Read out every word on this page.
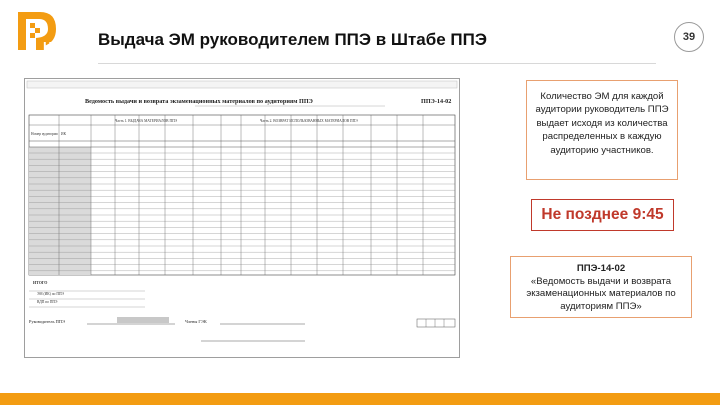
Ц	Выдача ЭМ руководителем ППЭ в Штабе ППЭ	39
Ведомость выдачи и возврата экзаменационных материалов по аудиториям ППЭ	ППЭ-14-02
Часть 1. ВЫДАЧА МАТЕРИАЛОВ ППЭ	Часть 2. ВОЗВРАТ ИСПОЛЬЗОВАННЫХ МАТЕРИАЛОВ ППЭ
Номер аудитории ИК
ИТОГО
ЭМ (ИК) по ППЭ
ВДП по ППЭ
Руководитель ППЭ	Члены ГЭК
Количество ЭМ для каждой аудитории руководитель ППЭ выдает исходя из количества распределенных в каждую аудиторию участников.
Не позднее 9:45
ППЭ-14-02
«Ведомость выдачи и возврата экзаменационных материалов по аудиториям ППЭ»
